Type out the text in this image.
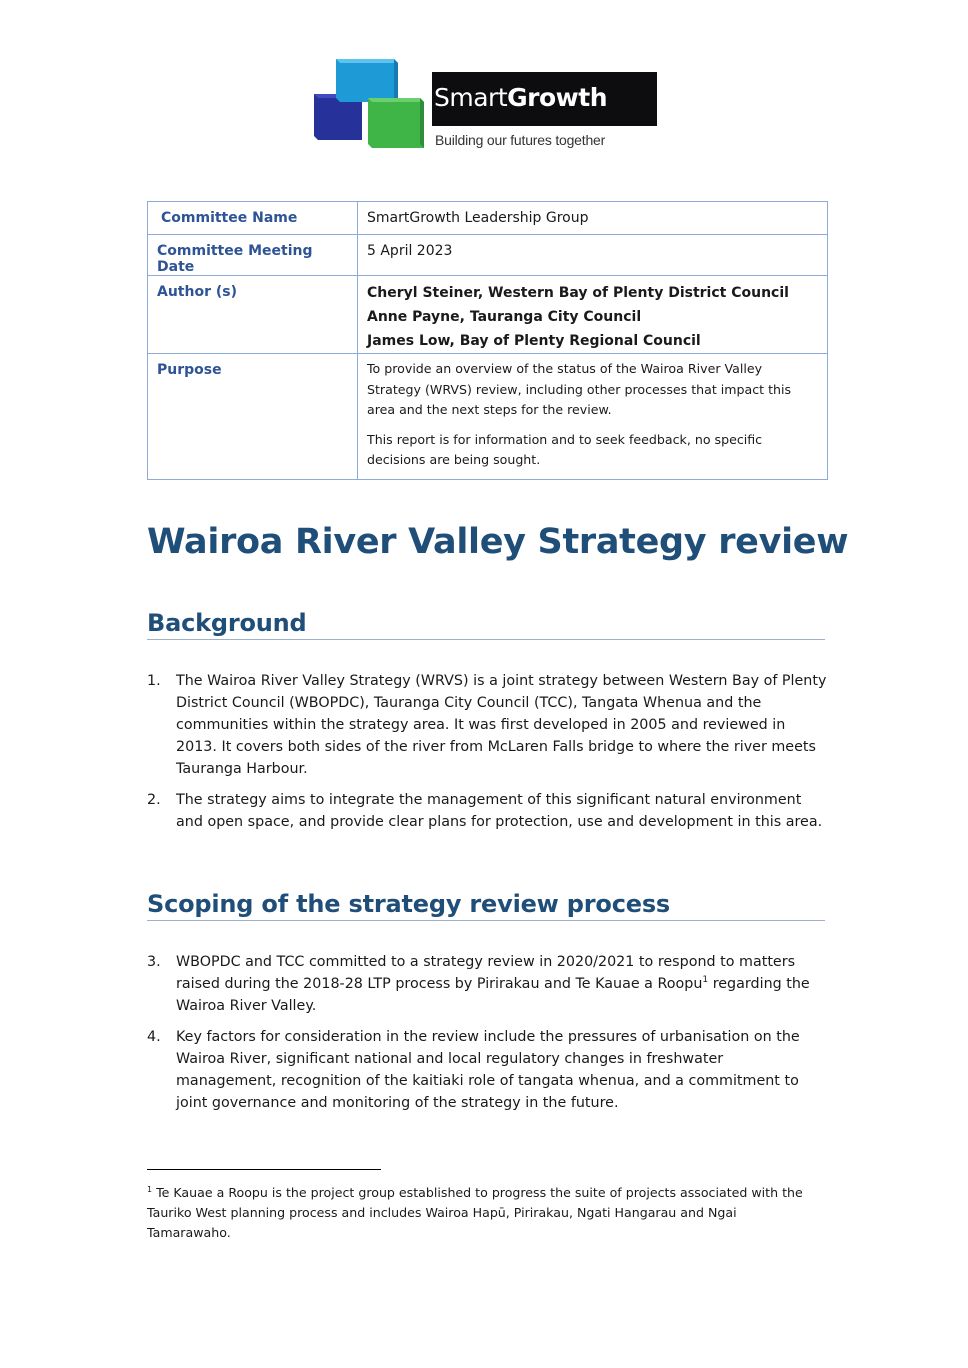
SmartGrowth
Building our futures together
Committee Name	SmartGrowth Leadership Group
Committee Meeting Date	5 April 2023
Author (s)	Cheryl Steiner, Western Bay of Plenty District Council
Anne Payne, Tauranga City Council
James Low, Bay of Plenty Regional Council

Purpose	To provide an overview of the status of the Wairoa River Valley Strategy (WRVS) review, including other processes that impact this area and the next steps for the review.
This report is for information and to seek feedback, no specific decisions are being sought.
Wairoa River Valley Strategy review
Background
1. The Wairoa River Valley Strategy (WRVS) is a joint strategy between Western Bay of Plenty District Council (WBOPDC), Tauranga City Council (TCC), Tangata Whenua and the communities within the strategy area. It was first developed in 2005 and reviewed in 2013. It covers both sides of the river from McLaren Falls bridge to where the river meets Tauranga Harbour.
2. The strategy aims to integrate the management of this significant natural environment and open space, and provide clear plans for protection, use and development in this area.
Scoping of the strategy review process
3. WBOPDC and TCC committed to a strategy review in 2020/2021 to respond to matters raised during the 2018-28 LTP process by Pirirakau and Te Kauae a Roopu$^1$ regarding the Wairoa River Valley.
4. Key factors for consideration in the review include the pressures of urbanisation on the Wairoa River, significant national and local regulatory changes in freshwater management, recognition of the kaitiaki role of tangata whenua, and a commitment to joint governance and monitoring of the strategy in the future.
$^1$ Te Kauae a Roopu is the project group established to progress the suite of projects associated with the Tauriko West planning process and includes Wairoa Hapū, Pirirakau, Ngati Hangarau and Ngai Tamarawaho.
